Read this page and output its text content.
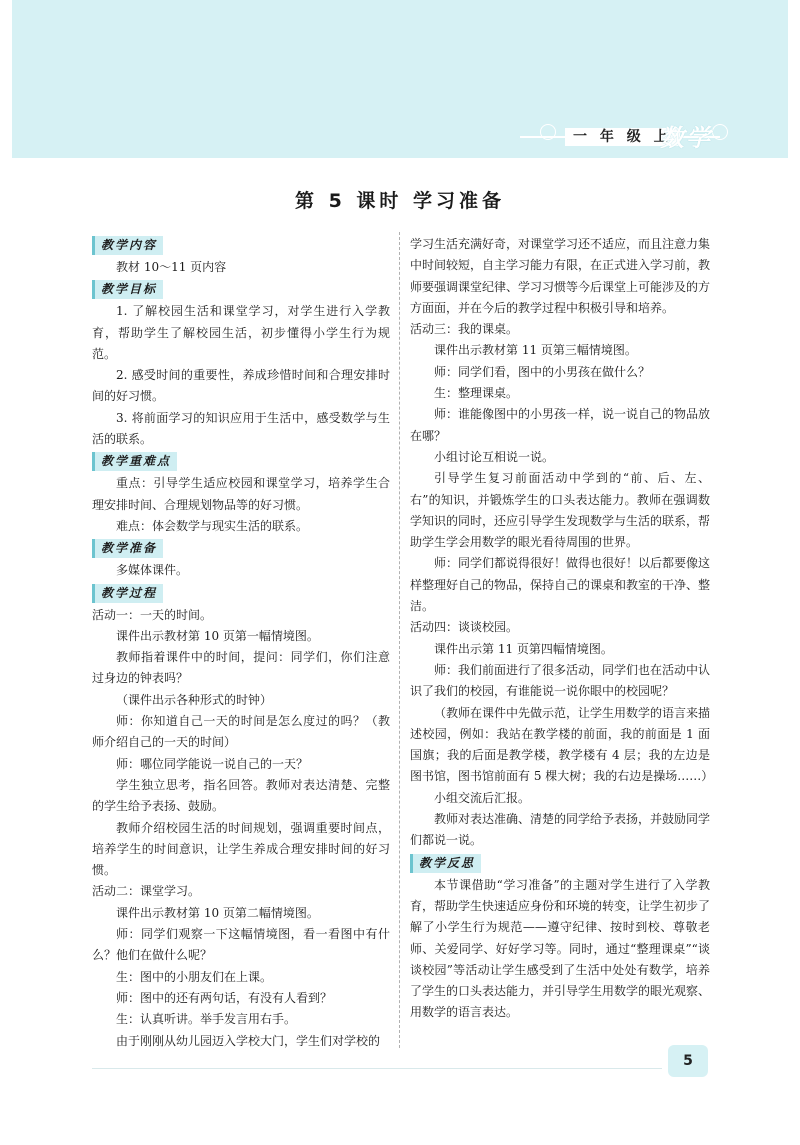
一 年 级 上
数学
第 5 课时 学习准备
教学内容

教材 10～11 页内容

教学目标

1. 了解校园生活和课堂学习，对学生进行入学教育，帮助学生了解校园生活，初步懂得小学生行为规范。

2. 感受时间的重要性，养成珍惜时间和合理安排时间的好习惯。

3. 将前面学习的知识应用于生活中，感受数学与生活的联系。

教学重难点

重点：引导学生适应校园和课堂学习，培养学生合理安排时间、合理规划物品等的好习惯。

难点：体会数学与现实生活的联系。

教学准备

多媒体课件。

教学过程

活动一：一天的时间。

课件出示教材第 10 页第一幅情境图。

教师指着课件中的时间，提问：同学们，你们注意过身边的钟表吗？

（课件出示各种形式的时钟）

师：你知道自己一天的时间是怎么度过的吗？（教师介绍自己的一天的时间）

师：哪位同学能说一说自己的一天？

学生独立思考，指名回答。教师对表达清楚、完整的学生给予表扬、鼓励。

教师介绍校园生活的时间规划，强调重要时间点，培养学生的时间意识，让学生养成合理安排时间的好习惯。

活动二：课堂学习。

课件出示教材第 10 页第二幅情境图。

师：同学们观察一下这幅情境图，看一看图中有什么？他们在做什么呢？

生：图中的小朋友们在上课。

师：图中的还有两句话，有没有人看到？

生：认真听讲。举手发言用右手。

由于刚刚从幼儿园迈入学校大门，学生们对学校的

学习生活充满好奇，对课堂学习还不适应，而且注意力集中时间较短，自主学习能力有限，在正式进入学习前，教师要强调课堂纪律、学习习惯等今后课堂上可能涉及的方方面面，并在今后的教学过程中积极引导和培养。

活动三：我的课桌。

课件出示教材第 11 页第三幅情境图。

师：同学们看，图中的小男孩在做什么？

生：整理课桌。

师：谁能像图中的小男孩一样，说一说自己的物品放在哪？

小组讨论互相说一说。

引导学生复习前面活动中学到的“前、后、左、右”的知识，并锻炼学生的口头表达能力。教师在强调数学知识的同时，还应引导学生发现数学与生活的联系，帮助学生学会用数学的眼光看待周围的世界。

师：同学们都说得很好！做得也很好！以后都要像这样整理好自己的物品，保持自己的课桌和教室的干净、整洁。

活动四：谈谈校园。

课件出示第 11 页第四幅情境图。

师：我们前面进行了很多活动，同学们也在活动中认识了我们的校园，有谁能说一说你眼中的校园呢？

（教师在课件中先做示范，让学生用数学的语言来描述校园，例如：我站在教学楼的前面，我的前面是 1 面国旗；我的后面是教学楼，教学楼有 4 层；我的左边是图书馆，图书馆前面有 5 棵大树；我的右边是操场……）

小组交流后汇报。

教师对表达准确、清楚的同学给予表扬，并鼓励同学们都说一说。

教学反思

本节课借助“学习准备”的主题对学生进行了入学教育，帮助学生快速适应身份和环境的转变，让学生初步了解了小学生行为规范——遵守纪律、按时到校、尊敬老师、关爱同学、好好学习等。同时，通过“整理课桌”“谈谈校园”等活动让学生感受到了生活中处处有数学，培养了学生的口头表达能力，并引导学生用数学的眼光观察、用数学的语言表达。

5
